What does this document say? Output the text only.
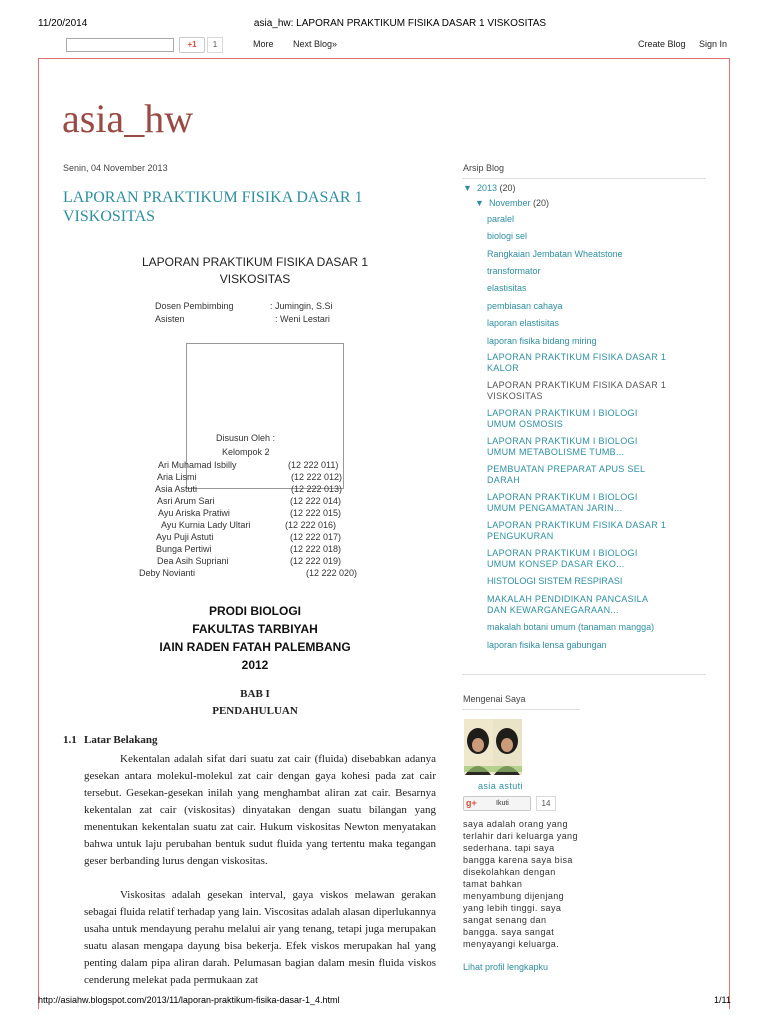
11/20/2014	asia_hw: LAPORAN PRAKTIKUM FISIKA DASAR 1 VISKOSITAS
+1	1	More Next Blog»	Create Blog Sign In
asia_hw
Senin, 04 November 2013
LAPORAN PRAKTIKUM FISIKA DASAR 1 VISKOSITAS
LAPORAN PRAKTIKUM FISIKA DASAR 1
VISKOSITAS
Dosen Pembimbing	: Jumingin, S.Si
Asisten	: Weni Lestari
Disusun Oleh :
Kelompok 2
Ari Muhamad Isbilly	(12 222 011)
Aria Lismi	(12 222 012)
Asia Astuti	(12 222 013)
Asri Arum Sari	(12 222 014)
Ayu Ariska Pratiwi	(12 222 015)
Ayu Kurnia Lady Ultari	(12 222 016)
Ayu Puji Astuti	(12 222 017)
Bunga Pertiwi	(12 222 018)
Dea Asih Supriani	(12 222 019)
Deby Novianti	(12 222 020)
PRODI BIOLOGI
FAKULTAS TARBIYAH
IAIN RADEN FATAH PALEMBANG
2012
BAB I
PENDAHULUAN
1.1 Latar Belakang
Kekentalan adalah sifat dari suatu zat cair (fluida) disebabkan adanya gesekan antara molekul-molekul zat cair dengan gaya kohesi pada zat cair tersebut. Gesekan-gesekan inilah yang menghambat aliran zat cair. Besarnya kekentalan zat cair (viskositas) dinyatakan dengan suatu bilangan yang menentukan kekentalan suatu zat cair. Hukum viskositas Newton menyatakan bahwa untuk laju perubahan bentuk sudut fluida yang tertentu maka tegangan geser berbanding lurus dengan viskositas.
Viskositas adalah gesekan interval, gaya viskos melawan gerakan sebagai fluida relatif terhadap yang lain. Viscositas adalah alasan diperlukannya usaha untuk mendayung perahu melalui air yang tenang, tetapi juga merupakan suatu alasan mengapa dayung bisa bekerja. Efek viskos merupakan hal yang penting dalam pipa aliran darah. Pelumasan bagian dalam mesin fluida viskos cenderung melekat pada permukaan zat
Arsip Blog
▼ 2013 (20)
▼ November (20)
paralel
biologi sel
Rangkaian Jembatan Wheatstone
transformator
elastisitas
pembiasan cahaya
laporan elastisitas
laporan fisika bidang miring
LAPORAN PRAKTIKUM FISIKA DASAR 1 KALOR
LAPORAN PRAKTIKUM FISIKA DASAR 1 VISKOSITAS
LAPORAN PRAKTIKUM I BIOLOGI UMUM OSMOSIS
LAPORAN PRAKTIKUM I BIOLOGI UMUM METABOLISME TUMB...
PEMBUATAN PREPARAT APUS SEL DARAH
LAPORAN PRAKTIKUM I BIOLOGI UMUM PENGAMATAN JARIN...
LAPORAN PRAKTIKUM FISIKA DASAR 1 PENGUKURAN
LAPORAN PRAKTIKUM I BIOLOGI UMUM KONSEP DASAR EKO...
HISTOLOGI SISTEM RESPIRASI
MAKALAH PENDIDIKAN PANCASILA DAN KEWARGANEGARAAN...
makalah botani umum (tanaman mangga)
laporan fisika lensa gabungan
Mengenai Saya
asia astuti
g+	Ikuti	14
saya adalah orang yang terlahir dari keluarga yang sederhana. tapi saya bangga karena saya bisa disekolahkan dengan tamat bahkan menyambung dijenjang yang lebih tinggi. saya sangat senang dan bangga. saya sangat menyayangi keluarga.
Lihat profil lengkapku
http://asiahw.blogspot.com/2013/11/laporan-praktikum-fisika-dasar-1_4.html	1/11
